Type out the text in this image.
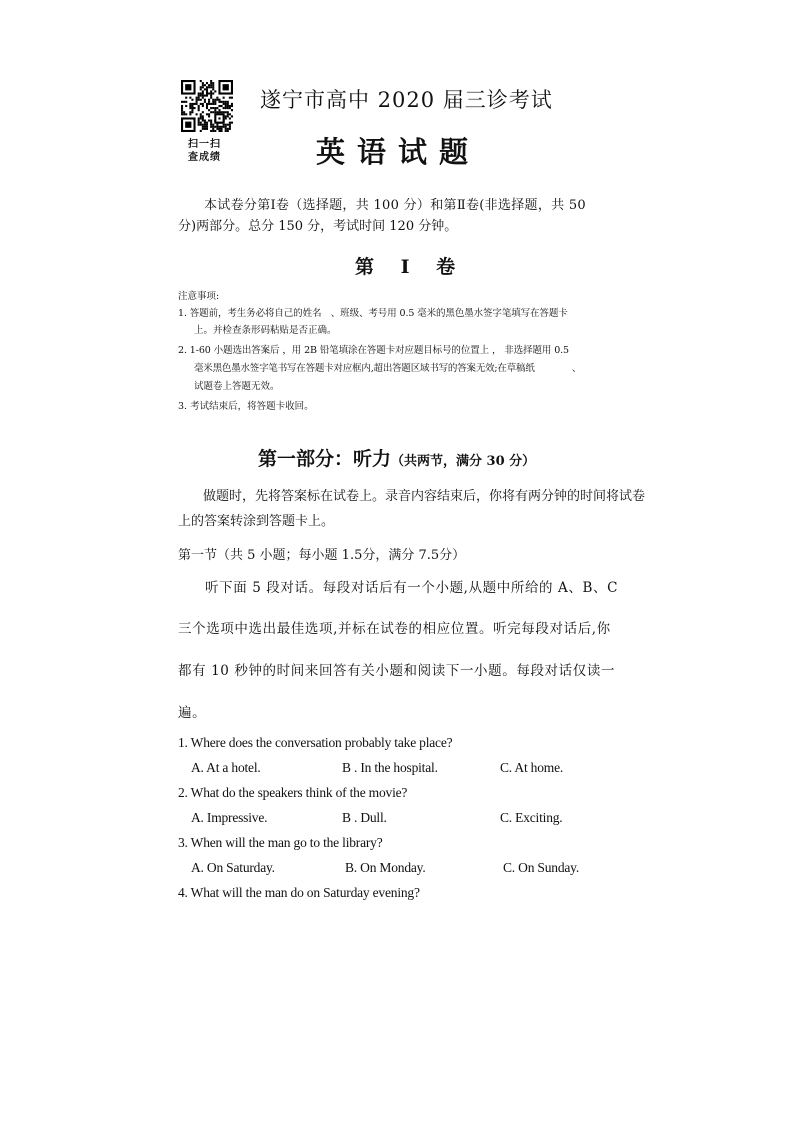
扫一扫
查成绩
遂宁市高中 2020 届三诊考试
英语试题
本试卷分第Ⅰ卷（选择题，共 100 分）和第Ⅱ卷(非选择题，共 50
分)两部分。总分 150 分，考试时间 120 分钟。
第 Ⅰ 卷
注意事项:
1. 答题前，考生务必将自己的姓名　、班级、考号用 0.5 毫米的黑色墨水签字笔填写在答题卡
上。并检查条形码粘贴是否正确。
2. 1-60 小题选出答案后 ，用 2B 铅笔填涂在答题卡对应题目标号的位置上 ， 非选择题用 0.5
毫米黑色墨水签字笔书写在答题卡对应框内,超出答题区域书写的答案无效;在草稿纸　　　　、
试题卷上答题无效。
3. 考试结束后，将答题卡收回。
第一部分：听力（共两节，满分 30 分）
做题时，先将答案标在试卷上。录音内容结束后，你将有两分钟的时间将试卷
上的答案转涂到答题卡上。
第一节（共 5 小题；每小题 1.5分，满分 7.5分）
听下面 5 段对话。每段对话后有一个小题,从题中所给的 A、B、C
三个选项中选出最佳选项,并标在试卷的相应位置。听完每段对话后,你
都有 10 秒钟的时间来回答有关小题和阅读下一小题。每段对话仅读一
遍。
1. Where does the conversation probably take place?
A. At a hotel.	B . In the hospital.	C. At home.
2. What do the speakers think of the movie?
A. Impressive.	B . Dull.	C. Exciting.
3. When will the man go to the library?
A. On Saturday.	B. On Monday.	C. On Sunday.
4. What will the man do on Saturday evening?
